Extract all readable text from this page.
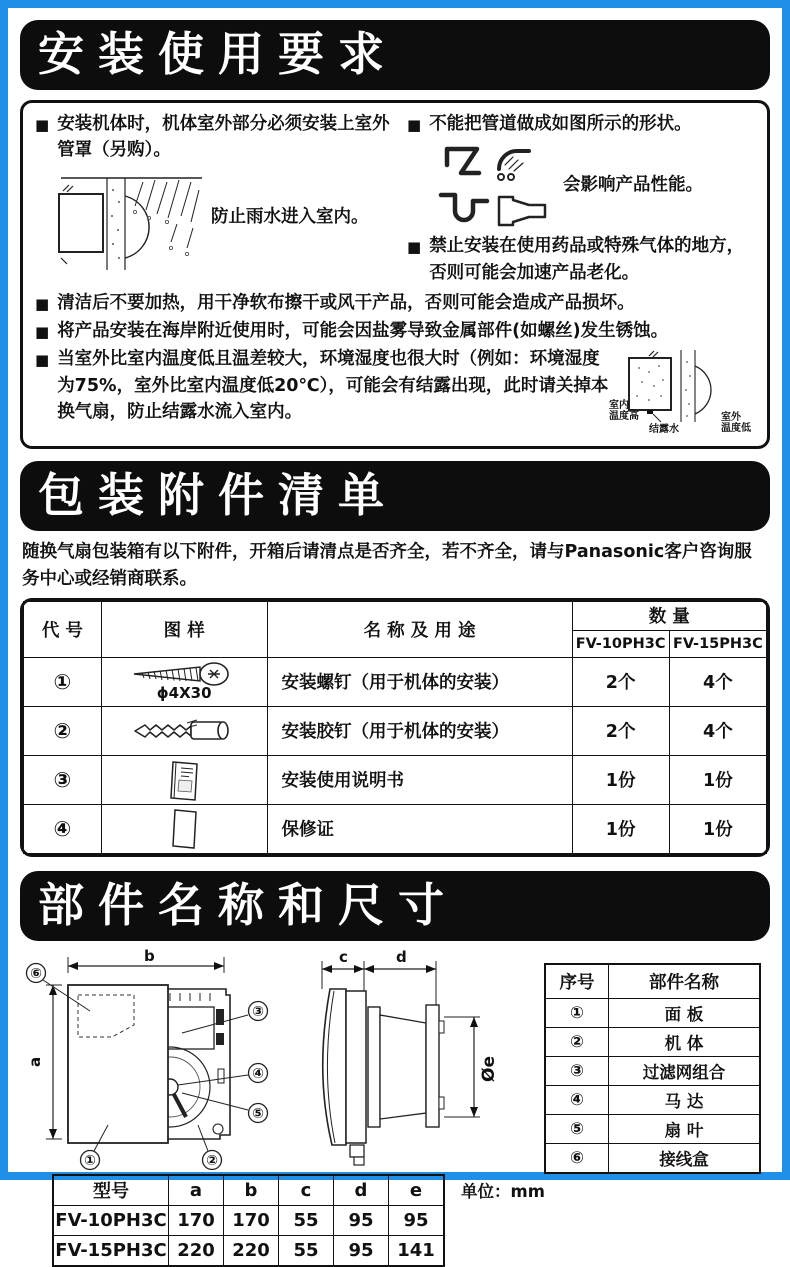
安装使用要求
■ 安装机体时，机体室外部分必须安装上室外管罩（另购）。
防止雨水进入室内。
■ 不能把管道做成如图所示的形状。
会影响产品性能。
■ 禁止安装在使用药品或特殊气体的地方，否则可能会加速产品老化。
■ 清洁后不要加热，用干净软布擦干或风干产品，否则可能会造成产品损坏。
■ 将产品安装在海岸附近使用时，可能会因盐雾导致金属部件(如螺丝)发生锈蚀。
■ 当室外比室内温度低且温差较大，环境湿度也很大时（例如：环境湿度为75%，室外比室内温度低20℃），可能会有结露出现，此时请关掉本换气扇，防止结露水流入室内。	室内
温度高
结露水
室外
温度低
包装附件清单

随换气扇包装箱有以下附件，开箱后请清点是否齐全，若不齐全，请与Panasonic客户咨询服务中心或经销商联系。

代 号	图 样	名 称 及 用 途	数 量	
			FV-10PH3C	FV-15PH3C
①	ϕ4X30	安装螺钉（用于机体的安装）	2个	4个
②		安装胶钉（用于机体的安装）	2个	4个
③		安装使用说明书	1份	1份
④		保修证	1份	1份
部件名称和尺寸
b
a
⑥
③
④
⑤
①	②
c	d
Øe
序号	部件名称
①	面 板
②	机 体
③	过滤网组合
④	马 达
⑤	扇 叶
⑥	接线盒
型号	a	b	c	d	e
FV-10PH3C	170	170	55	95	95
FV-15PH3C	220	220	55	95	141
单位：mm
